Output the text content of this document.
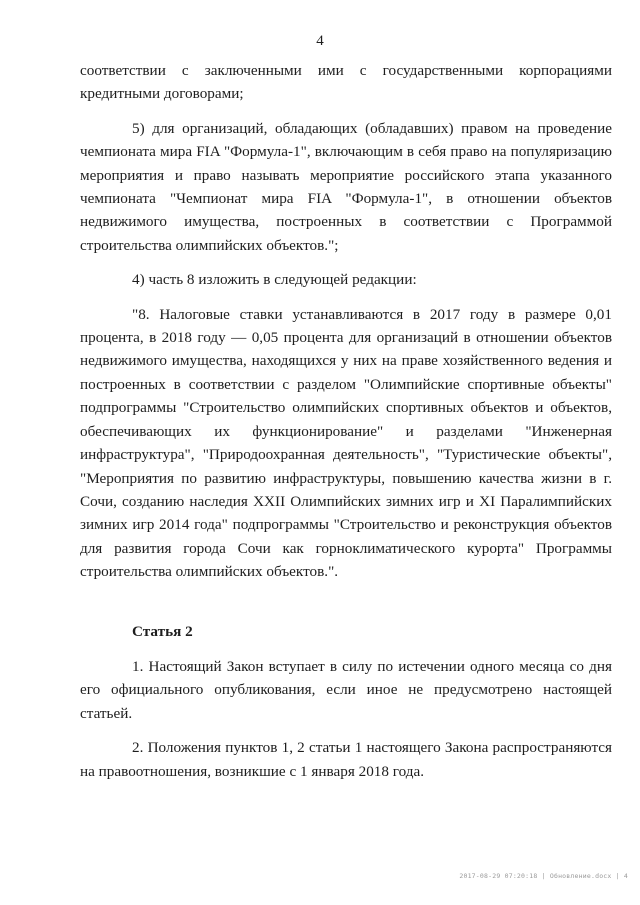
4

соответствии с заключенными ими с государственными корпорациями кредитными договорами;

5) для организаций, обладающих (обладавших) правом на проведение чемпионата мира FIA "Формула-1", включающим в себя право на популяризацию мероприятия и право называть мероприятие российского этапа указанного чемпионата "Чемпионат мира FIA "Формула-1", в отношении объектов недвижимого имущества, построенных в соответствии с Программой строительства олимпийских объектов.";

4) часть 8 изложить в следующей редакции:

"8. Налоговые ставки устанавливаются в 2017 году в размере 0,01 процента, в 2018 году — 0,05 процента для организаций в отношении объектов недвижимого имущества, находящихся у них на праве хозяйственного ведения и построенных в соответствии с разделом "Олимпийские спортивные объекты" подпрограммы "Строительство олимпийских спортивных объектов и объектов, обеспечивающих их функционирование" и разделами "Инженерная инфраструктура", "Природоохранная деятельность", "Туристические объекты", "Мероприятия по развитию инфраструктуры, повышению качества жизни в г. Сочи, созданию наследия XXII Олимпийских зимних игр и XI Паралимпийских зимних игр 2014 года" подпрограммы "Строительство и реконструкция объектов для развития города Сочи как горноклиматического курорта" Программы строительства олимпийских объектов.".

Статья 2

1. Настоящий Закон вступает в силу по истечении одного месяца со дня его официального опубликования, если иное не предусмотрено настоящей статьей.

2. Положения пунктов 1, 2 статьи 1 настоящего Закона распространяются на правоотношения, возникшие с 1 января 2018 года.

2017-08-29 07:20:18 | Обновление.docx | 4
